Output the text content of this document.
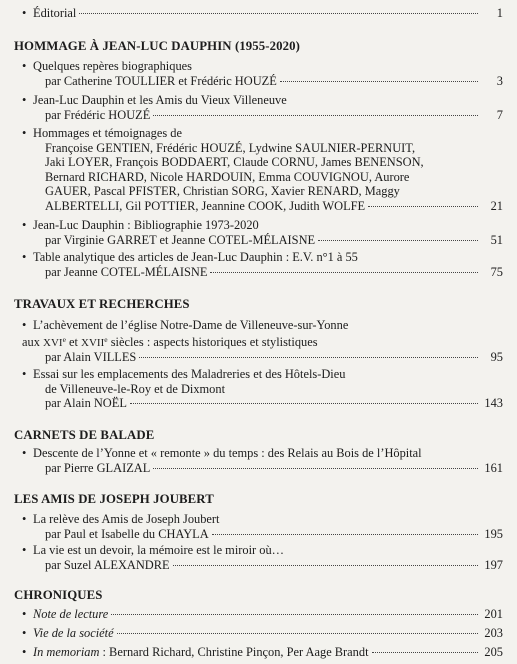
• Éditorial	1
HOMMAGE À JEAN-LUC DAUPHIN (1955-2020)
• Quelques repères biographiques
par Catherine TOULLIER et Frédéric HOUZÉ	3
• Jean-Luc Dauphin et les Amis du Vieux Villeneuve
par Frédéric HOUZÉ	7
• Hommages et témoignages de
Françoise GENTIEN, Frédéric HOUZÉ, Lydwine SAULNIER-PERNUIT,
Jaki LOYER, François BODDAERT, Claude CORNU, James BENENSON,
Bernard RICHARD, Nicole HARDOUIN, Emma COUVIGNOU, Aurore
GAUER, Pascal PFISTER, Christian SORG, Xavier RENARD, Maggy
ALBERTELLI, Gil POTTIER, Jeannine COOK, Judith WOLFE	21
• Jean-Luc Dauphin : Bibliographie 1973-2020
par Virginie GARRET et Jeanne COTEL-MÉLAISNE	51
• Table analytique des articles de Jean-Luc Dauphin : E.V. n°1 à 55
par Jeanne COTEL-MÉLAISNE	75
TRAVAUX ET RECHERCHES
• L’achèvement de l’église Notre-Dame de Villeneuve-sur-Yonne
aux XVIe et XVIIe siècles : aspects historiques et stylistiques
par Alain VILLES	95
• Essai sur les emplacements des Maladreries et des Hôtels-Dieu
de Villeneuve-le-Roy et de Dixmont
par Alain NOËL	143
CARNETS DE BALADE
• Descente de l’Yonne et « remonte » du temps : des Relais au Bois de l’Hôpital
par Pierre GLAIZAL	161
LES AMIS DE JOSEPH JOUBERT
• La relève des Amis de Joseph Joubert
par Paul et Isabelle du CHAYLA	195
• La vie est un devoir, la mémoire est le miroir où…
par Suzel ALEXANDRE	197
CHRONIQUES
• Note de lecture	201
• Vie de la société	203
• In memoriam : Bernard Richard, Christine Pinçon, Per Aage Brandt	205
